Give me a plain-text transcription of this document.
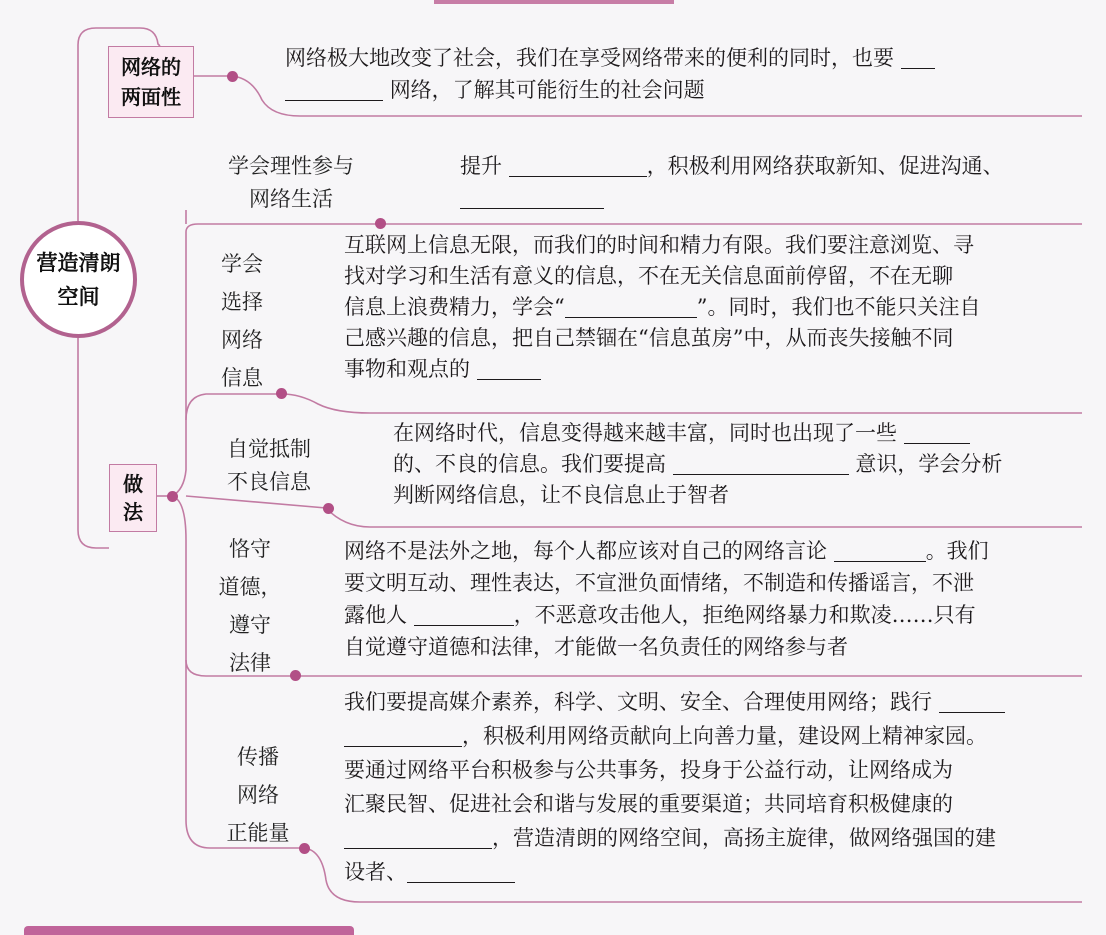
营造清朗
空间
网络的
两面性
网络极大地改变了社会，我们在享受网络带来的便利的同时，也要
网络，了解其可能衍生的社会问题
做
法
学会理性参与
网络生活
提升	，积极利用网络获取新知、促进沟通、
学会
选择
网络
信息
互联网上信息无限，而我们的时间和精力有限。我们要注意浏览、寻
找对学习和生活有意义的信息，不在无关信息面前停留，不在无聊
信息上浪费精力，学会“	”。同时，我们也不能只关注自
己感兴趣的信息，把自己禁锢在“信息茧房”中，从而丧失接触不同
事物和观点的
自觉抵制
不良信息
在网络时代，信息变得越来越丰富，同时也出现了一些
的、不良的信息。我们要提高	意识，学会分析
判断网络信息，让不良信息止于智者
恪守
道德，
遵守
法律
网络不是法外之地，每个人都应该对自己的网络言论	。我们
要文明互动、理性表达，不宣泄负面情绪，不制造和传播谣言，不泄
露他人	，不恶意攻击他人，拒绝网络暴力和欺凌……只有
自觉遵守道德和法律，才能做一名负责任的网络参与者
传播
网络
正能量
我们要提高媒介素养，科学、文明、安全、合理使用网络；践行
，积极利用网络贡献向上向善力量，建设网上精神家园。
要通过网络平台积极参与公共事务，投身于公益行动，让网络成为
汇聚民智、促进社会和谐与发展的重要渠道；共同培育积极健康的
，营造清朗的网络空间，高扬主旋律，做网络强国的建
设者、
